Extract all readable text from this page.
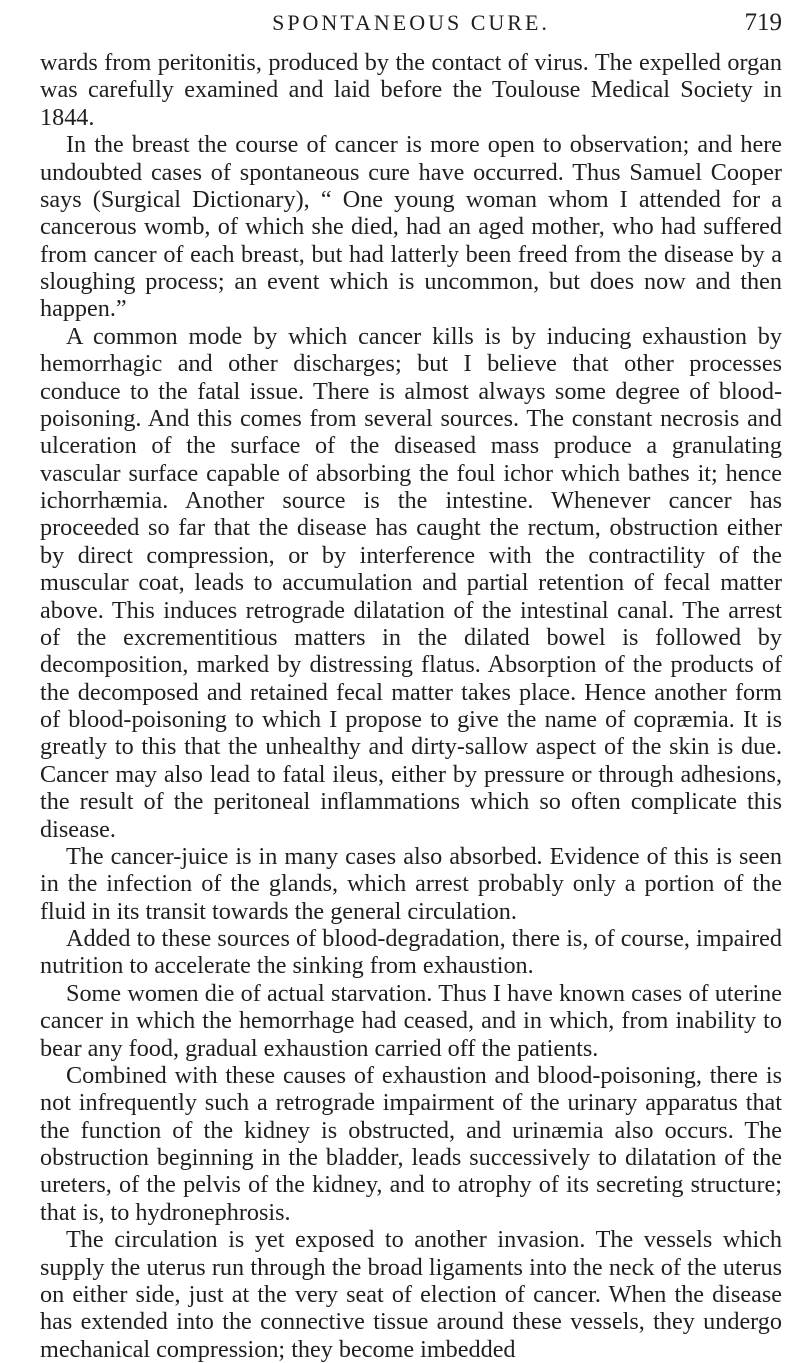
SPONTANEOUS CURE.	719

wards from peritonitis, produced by the contact of virus. The expelled organ was carefully examined and laid before the Toulouse Medical Society in 1844.

In the breast the course of cancer is more open to observation; and here undoubted cases of spontaneous cure have occurred. Thus Samuel Cooper says (Surgical Dictionary), “ One young woman whom I attended for a cancerous womb, of which she died, had an aged mother, who had suffered from cancer of each breast, but had latterly been freed from the disease by a sloughing process; an event which is uncommon, but does now and then happen.”

A common mode by which cancer kills is by inducing exhaustion by hemorrhagic and other discharges; but I believe that other processes conduce to the fatal issue. There is almost always some degree of blood-poisoning. And this comes from several sources. The constant necrosis and ulceration of the surface of the diseased mass produce a granulating vascular surface capable of absorbing the foul ichor which bathes it; hence ichorrhæmia. Another source is the intestine. Whenever cancer has proceeded so far that the disease has caught the rectum, obstruction either by direct compression, or by interference with the contractility of the muscular coat, leads to accumulation and partial retention of fecal matter above. This induces retrograde dilatation of the intestinal canal. The arrest of the excrementitious matters in the dilated bowel is followed by decomposition, marked by distressing flatus. Absorption of the products of the decomposed and retained fecal matter takes place. Hence another form of blood-poisoning to which I propose to give the name of copræmia. It is greatly to this that the unhealthy and dirty-sallow aspect of the skin is due. Cancer may also lead to fatal ileus, either by pressure or through adhesions, the result of the peritoneal inflammations which so often complicate this disease.

The cancer-juice is in many cases also absorbed. Evidence of this is seen in the infection of the glands, which arrest probably only a portion of the fluid in its transit towards the general circulation.

Added to these sources of blood-degradation, there is, of course, impaired nutrition to accelerate the sinking from exhaustion.

Some women die of actual starvation. Thus I have known cases of uterine cancer in which the hemorrhage had ceased, and in which, from inability to bear any food, gradual exhaustion carried off the patients.

Combined with these causes of exhaustion and blood-poisoning, there is not infrequently such a retrograde impairment of the urinary apparatus that the function of the kidney is obstructed, and urinæmia also occurs. The obstruction beginning in the bladder, leads successively to dilatation of the ureters, of the pelvis of the kidney, and to atrophy of its secreting structure; that is, to hydronephrosis.

The circulation is yet exposed to another invasion. The vessels which supply the uterus run through the broad ligaments into the neck of the uterus on either side, just at the very seat of election of cancer. When the disease has extended into the connective tissue around these vessels, they undergo mechanical compression; they become imbedded
